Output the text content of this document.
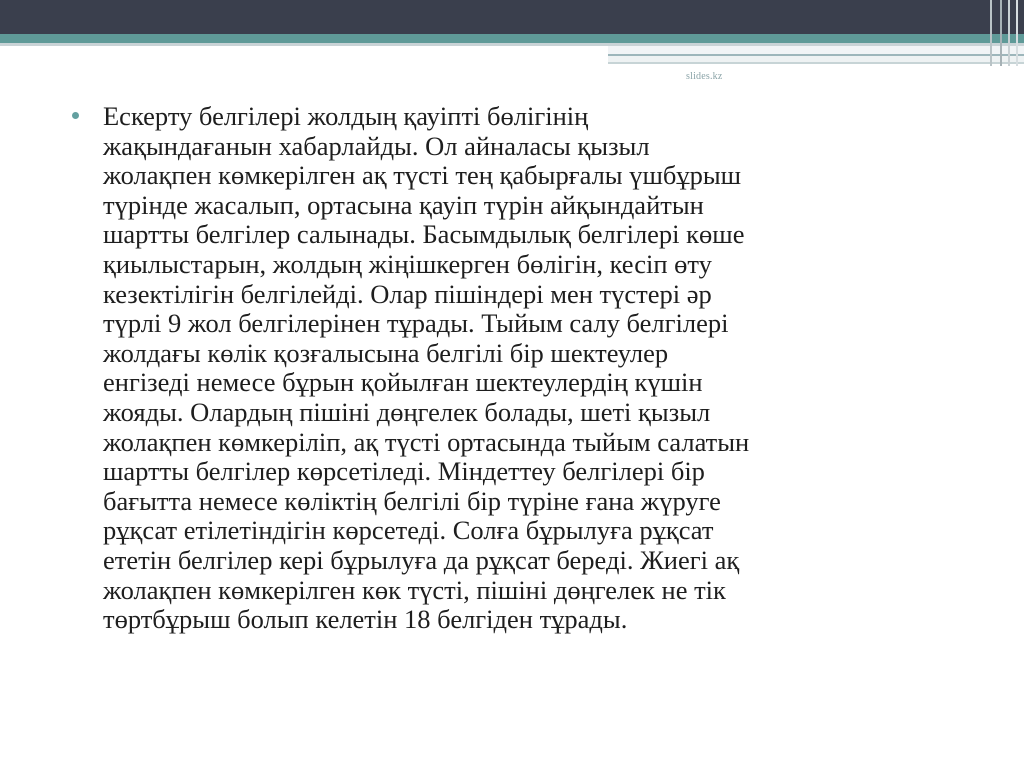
slides.kz

Ескерту белгілері жолдың қауіпті бөлігінің
жақындағанын хабарлайды. Ол айналасы қызыл
жолақпен көмкерілген ақ түсті тең қабырғалы үшбұрыш
түрінде жасалып, ортасына қауіп түрін айқындайтын
шартты белгілер салынады. Басымдылық белгілері көше
қиылыстарын, жолдың жіңішкерген бөлігін, кесіп өту
кезектілігін белгілейді. Олар пішіндері мен түстері әр
түрлі 9 жол белгілерінен тұрады. Тыйым салу белгілері
жолдағы көлік қозғалысына белгілі бір шектеулер
енгізеді немесе бұрын қойылған шектеулердің күшін
жояды. Олардың пішіні дөңгелек болады, шеті қызыл
жолақпен көмкеріліп, ақ түсті ортасында тыйым салатын
шартты белгілер көрсетіледі. Міндеттеу белгілері бір
бағытта немесе көліктің белгілі бір түріне ғана жүруге
рұқсат етілетіндігін көрсетеді. Солға бұрылуға рұқсат
ететін белгілер кері бұрылуға да рұқсат береді. Жиегі ақ
жолақпен көмкерілген көк түсті, пішіні дөңгелек не тік
төртбұрыш болып келетін 18 белгіден тұрады.
